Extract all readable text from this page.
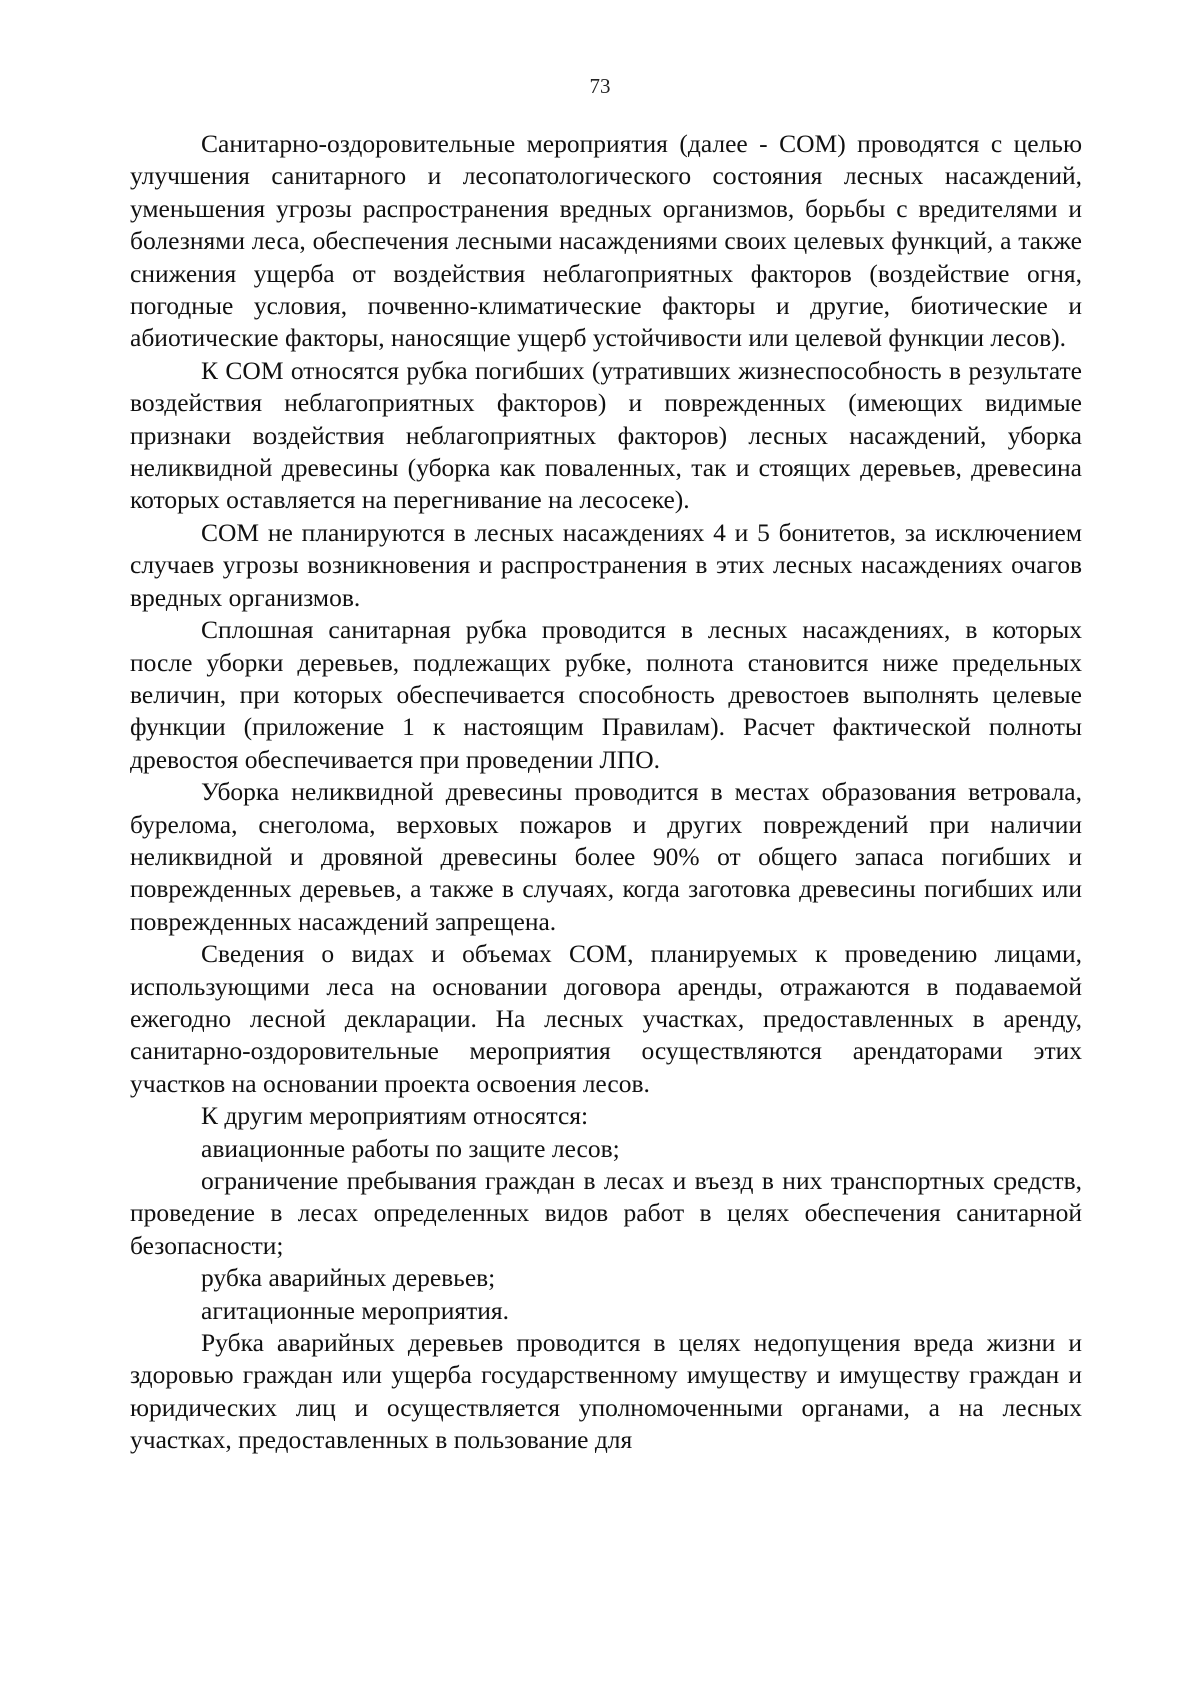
73

Санитарно-оздоровительные мероприятия (далее - СОМ) проводятся с целью улучшения санитарного и лесопатологического состояния лесных насаждений, уменьшения угрозы распространения вредных организмов, борьбы с вредителями и болезнями леса, обеспечения лесными насаждениями своих целевых функций, а также снижения ущерба от воздействия неблагоприятных факторов (воздействие огня, погодные условия, почвенно-климатические факторы и другие, биотические и абиотические факторы, наносящие ущерб устойчивости или целевой функции лесов).

К СОМ относятся рубка погибших (утративших жизнеспособность в результате воздействия неблагоприятных факторов) и поврежденных (имеющих видимые признаки воздействия неблагоприятных факторов) лесных насаждений, уборка неликвидной древесины (уборка как поваленных, так и стоящих деревьев, древесина которых оставляется на перегнивание на лесосеке).

СОМ не планируются в лесных насаждениях 4 и 5 бонитетов, за исключением случаев угрозы возникновения и распространения в этих лесных насаждениях очагов вредных организмов.

Сплошная санитарная рубка проводится в лесных насаждениях, в которых после уборки деревьев, подлежащих рубке, полнота становится ниже предельных величин, при которых обеспечивается способность древостоев выполнять целевые функции (приложение 1 к настоящим Правилам). Расчет фактической полноты древостоя обеспечивается при проведении ЛПО.

Уборка неликвидной древесины проводится в местах образования ветровала, бурелома, снеголома, верховых пожаров и других повреждений при наличии неликвидной и дровяной древесины более 90% от общего запаса погибших и поврежденных деревьев, а также в случаях, когда заготовка древесины погибших или поврежденных насаждений запрещена.

Сведения о видах и объемах СОМ, планируемых к проведению лицами, использующими леса на основании договора аренды, отражаются в подаваемой ежегодно лесной декларации. На лесных участках, предоставленных в аренду, санитарно-оздоровительные мероприятия осуществляются арендаторами этих участков на основании проекта освоения лесов.

К другим мероприятиям относятся:

авиационные работы по защите лесов;

ограничение пребывания граждан в лесах и въезд в них транспортных средств, проведение в лесах определенных видов работ в целях обеспечения санитарной безопасности;

рубка аварийных деревьев;

агитационные мероприятия.

Рубка аварийных деревьев проводится в целях недопущения вреда жизни и здоровью граждан или ущерба государственному имуществу и имуществу граждан и юридических лиц и осуществляется уполномоченными органами, а на лесных участках, предоставленных в пользование для
